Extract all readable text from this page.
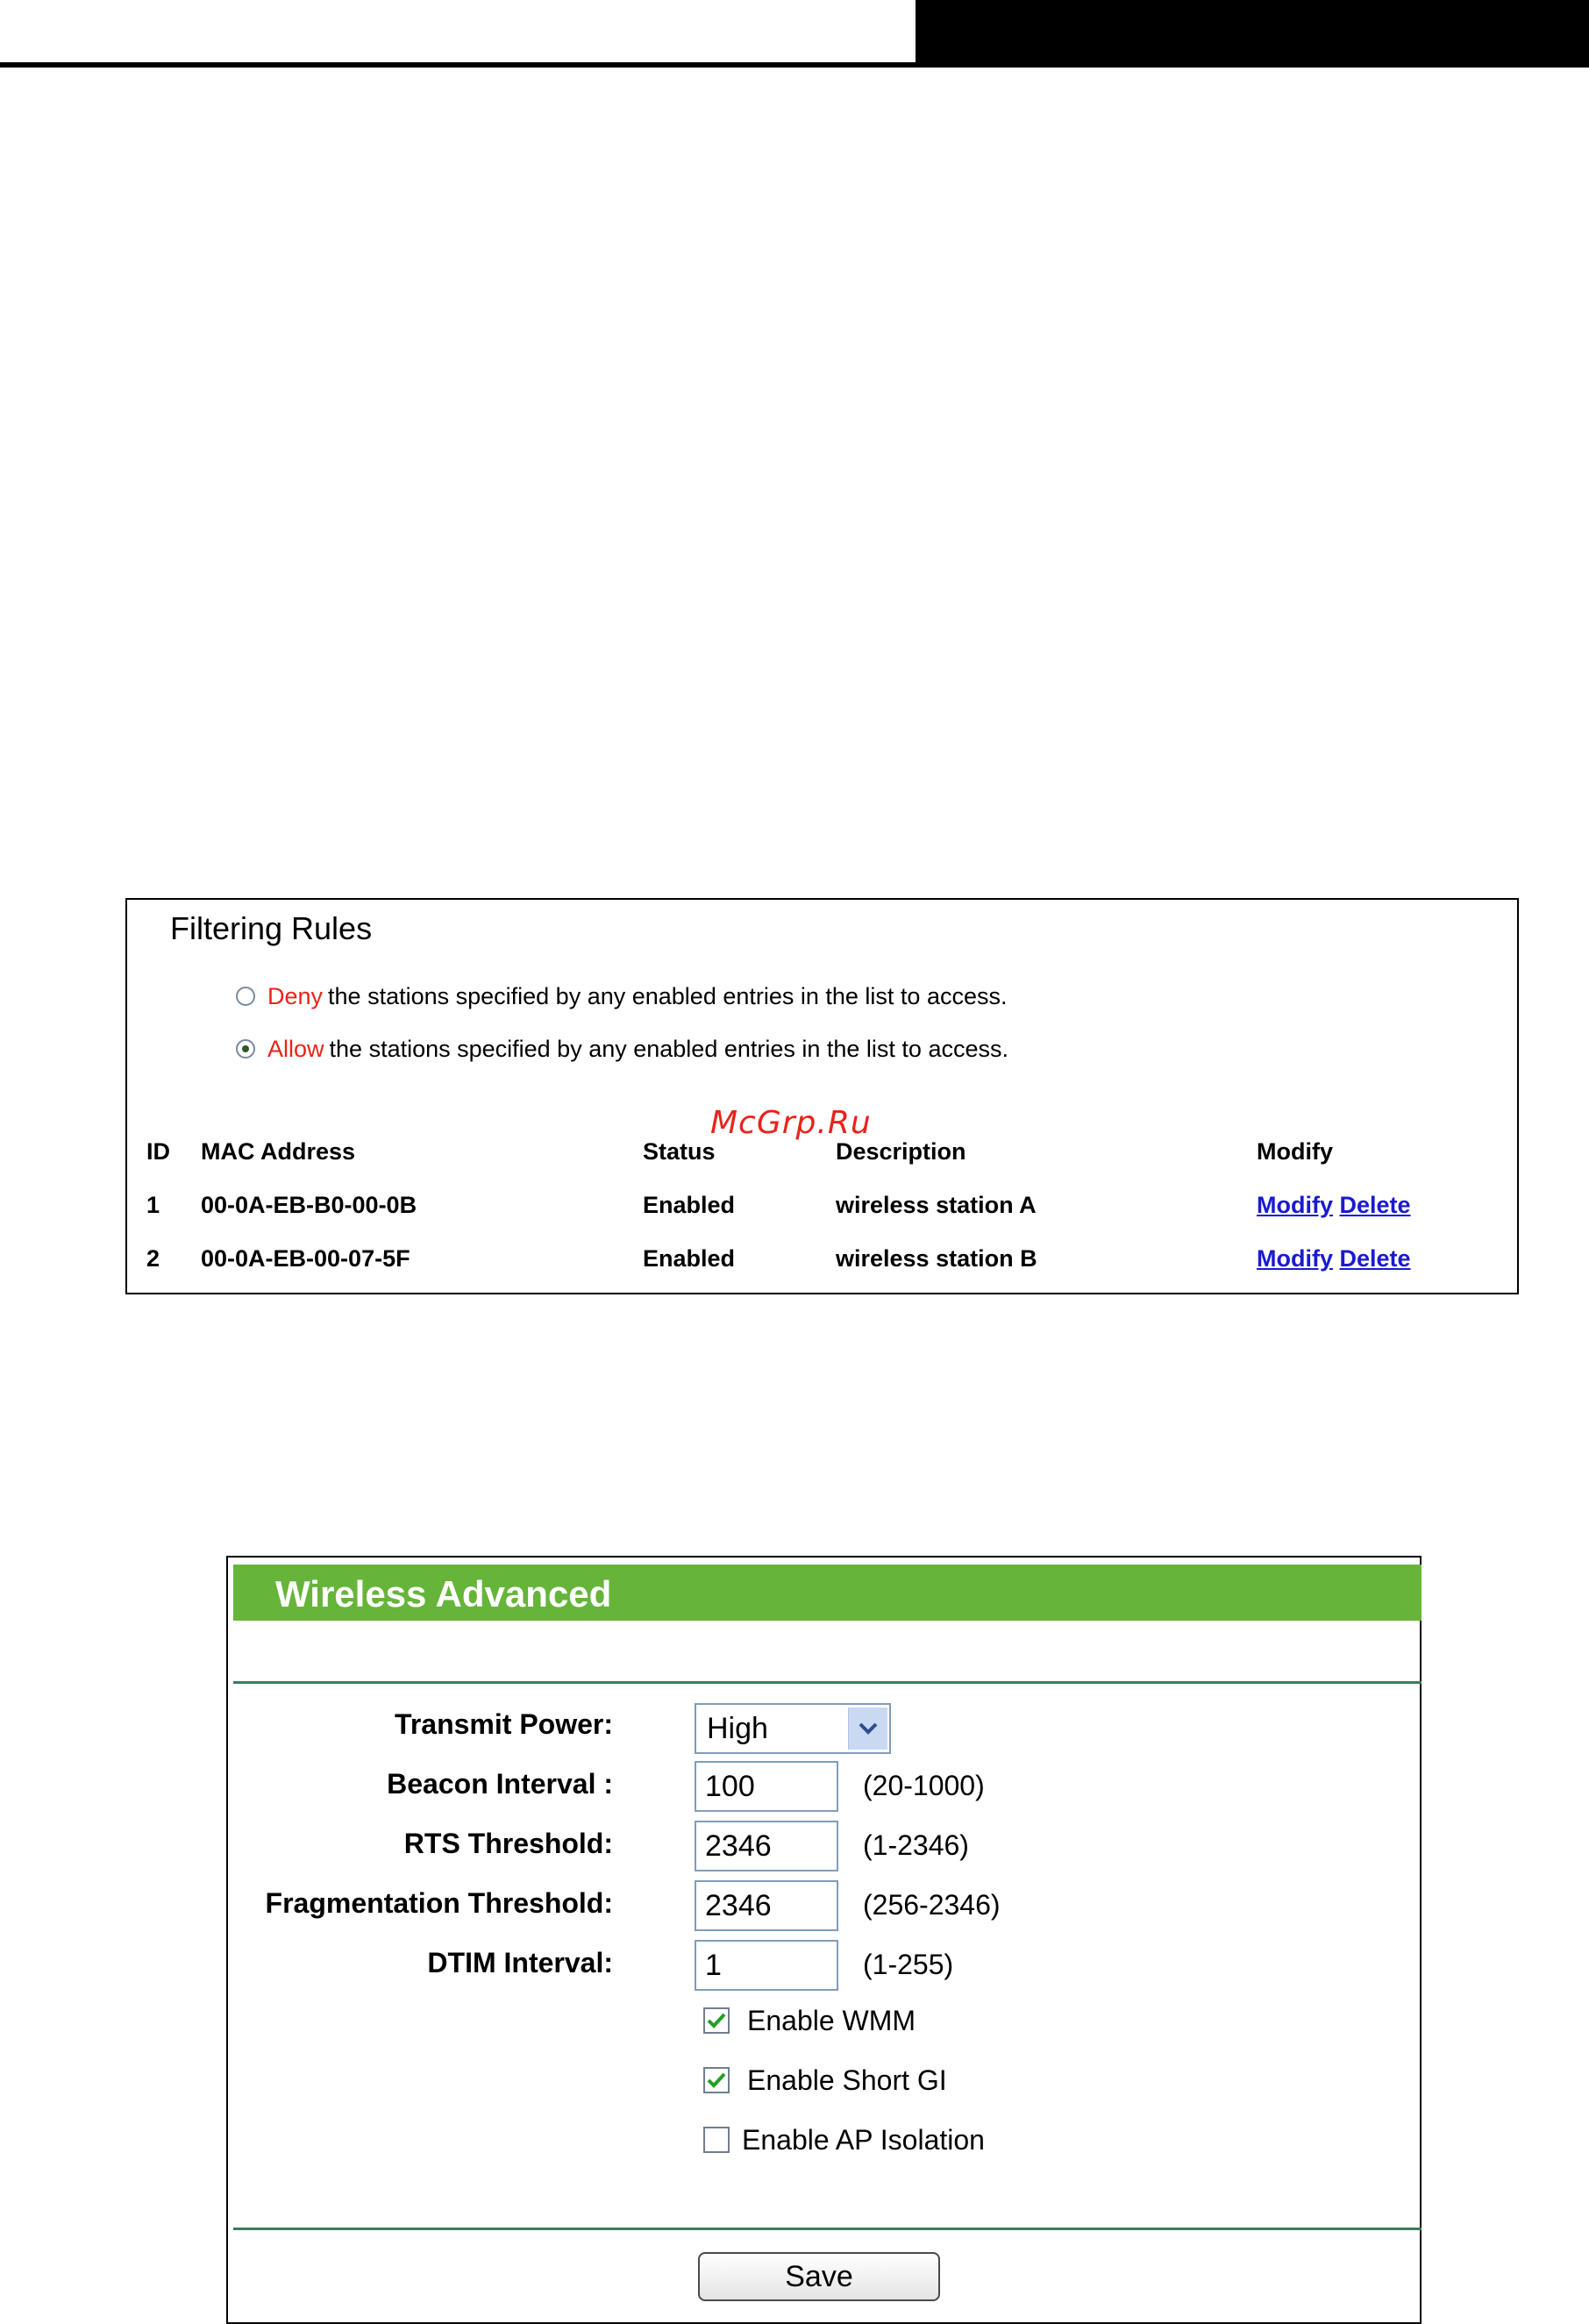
Filtering Rules
Deny the stations specified by any enabled entries in the list to access.
Allow the stations specified by any enabled entries in the list to access.
ID MAC Address	Status	Description	Modify
1 00-0A-EB-B0-00-0B	Enabled	wireless station A	Modify Delete
2 00-0A-EB-00-07-5F	Enabled	wireless station B	Modify Delete
McGrp.Ru
Wireless Advanced
Transmit Power:	High
Beacon Interval :	100	(20-1000)
RTS Threshold:	2346	(1-2346)
Fragmentation Threshold:	2346	(256-2346)
DTIM Interval:	1	(1-255)
Enable WMM
Enable Short GI
Enable AP Isolation
Save
